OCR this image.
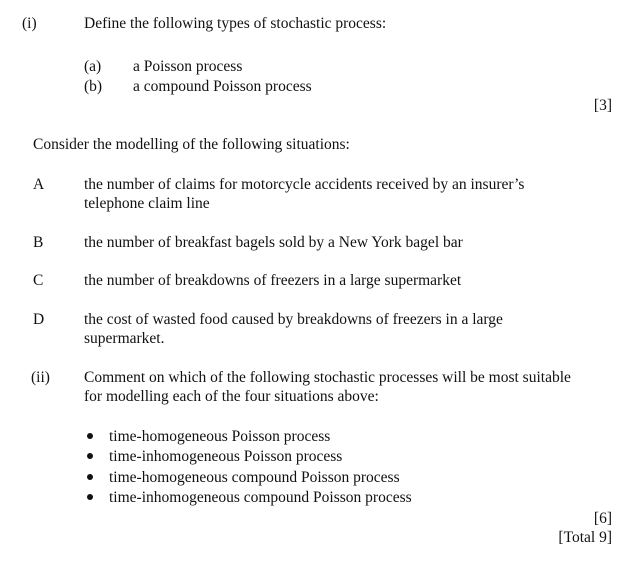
(i)	Define the following types of stochastic process:
(a) a Poisson process
(b) a compound Poisson process
[3]
Consider the modelling of the following situations:
A	the number of claims for motorcycle accidents received by an insurer’s
telephone claim line
B	the number of breakfast bagels sold by a New York bagel bar
C	the number of breakdowns of freezers in a large supermarket
D	the cost of wasted food caused by breakdowns of freezers in a large
supermarket.
(ii) Comment on which of the following stochastic processes will be most suitable
for modelling each of the four situations above:
time-homogeneous Poisson process
time-inhomogeneous Poisson process
time-homogeneous compound Poisson process
time-inhomogeneous compound Poisson process
[6]
[Total 9]
